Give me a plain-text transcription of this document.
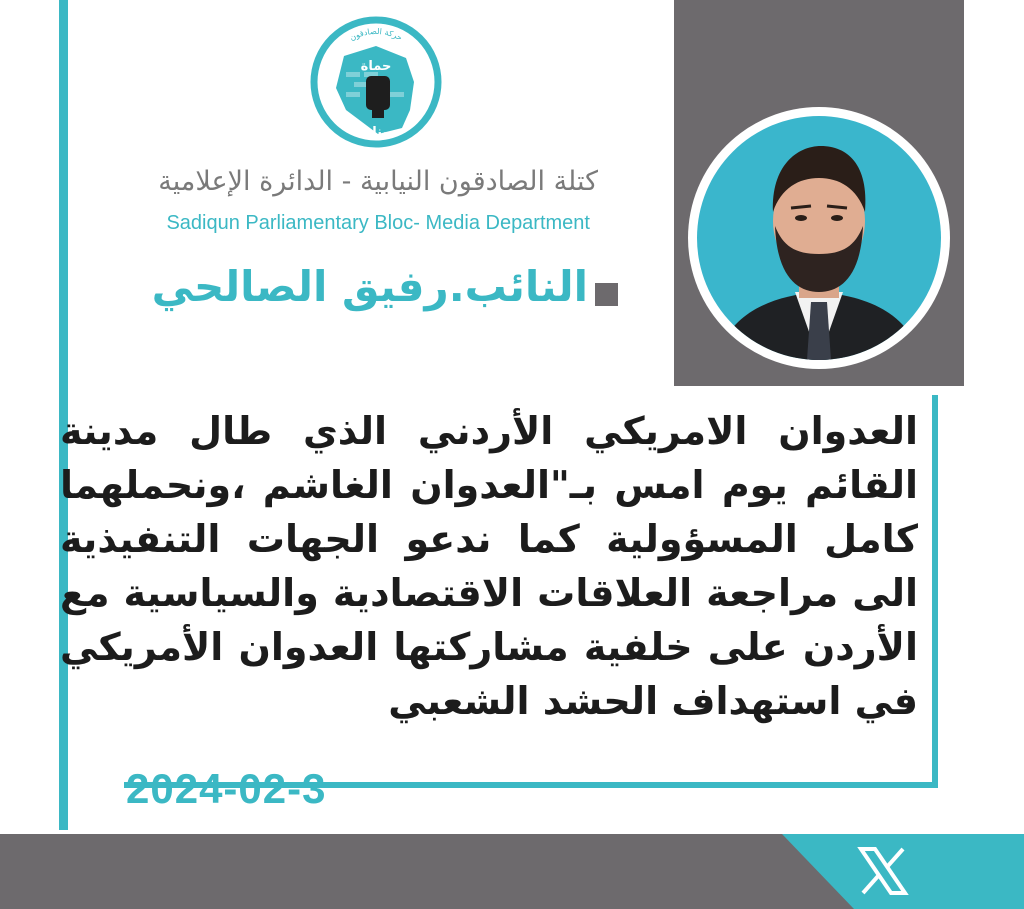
حركة الصادقون
حماة
بناة
كتلة الصادقون النيابية - الدائرة الإعلامية
Sadiqun Parliamentary Bloc- Media Department
النائب.رفيق الصالحي

العدوان الامريكي الأردني الذي طال مدينة القائم يوم امس بـ"العدوان الغاشم ،ونحملهما كامل المسؤولية كما ندعو الجهات التنفيذية الى مراجعة العلاقات الاقتصادية والسياسية مع الأردن على خلفية مشاركتها العدوان الأمريكي في استهداف الحشد الشعبي

2024-02-3
